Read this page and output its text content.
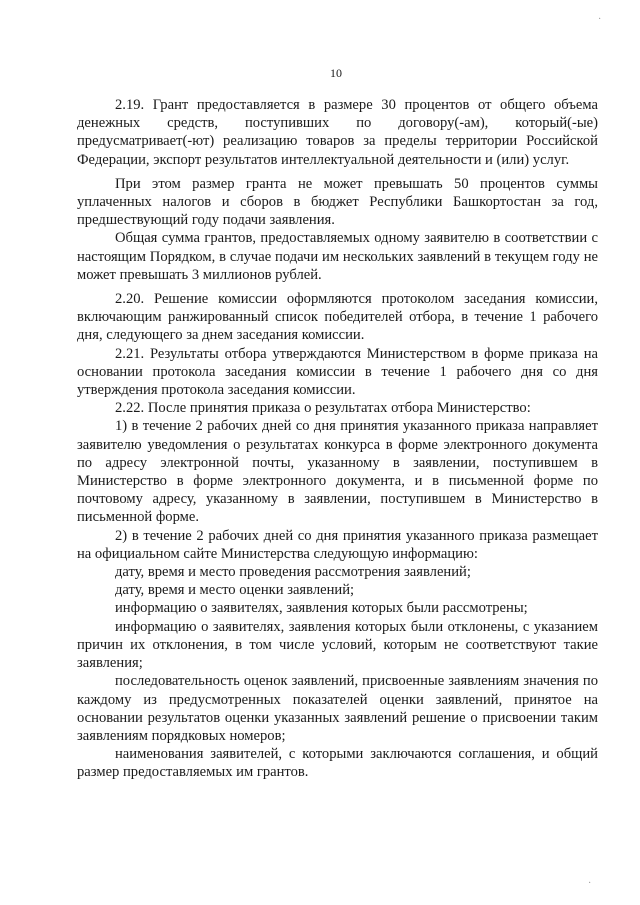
·
10

2.19. Грант предоставляется в размере 30 процентов от общего объема денежных средств, поступивших по договору(-ам), который(-ые) предусматривает(-ют) реализацию товаров за пределы территории Российской Федерации, экспорт результатов интеллектуальной деятельности и (или) услуг.

При этом размер гранта не может превышать 50 процентов суммы уплаченных налогов и сборов в бюджет Республики Башкортостан за год, предшествующий году подачи заявления.

Общая сумма грантов, предоставляемых одному заявителю в соответствии с настоящим Порядком, в случае подачи им нескольких заявлений в текущем году не может превышать 3 миллионов рублей.

2.20. Решение комиссии оформляются протоколом заседания комиссии, включающим ранжированный список победителей отбора, в течение 1 рабочего дня, следующего за днем заседания комиссии.

2.21. Результаты отбора утверждаются Министерством в форме приказа на основании протокола заседания комиссии в течение 1 рабочего дня со дня утверждения протокола заседания комиссии.

2.22. После принятия приказа о результатах отбора Министерство:

1) в течение 2 рабочих дней со дня принятия указанного приказа направляет заявителю уведомления о результатах конкурса в форме электронного документа по адресу электронной почты, указанному в заявлении, поступившем в Министерство в форме электронного документа, и в письменной форме по почтовому адресу, указанному в заявлении, поступившем в Министерство в письменной форме.

2) в течение 2 рабочих дней со дня принятия указанного приказа размещает на официальном сайте Министерства следующую информацию:

дату, время и место проведения рассмотрения заявлений;

дату, время и место оценки заявлений;

информацию о заявителях, заявления которых были рассмотрены;

информацию о заявителях, заявления которых были отклонены, с указанием причин их отклонения, в том числе условий, которым не соответствуют такие заявления;

последовательность оценок заявлений, присвоенные заявлениям значения по каждому из предусмотренных показателей оценки заявлений, принятое на основании результатов оценки указанных заявлений решение о присвоении таким заявлениям порядковых номеров;

наименования заявителей, с которыми заключаются соглашения, и общий размер предоставляемых им грантов.

·
